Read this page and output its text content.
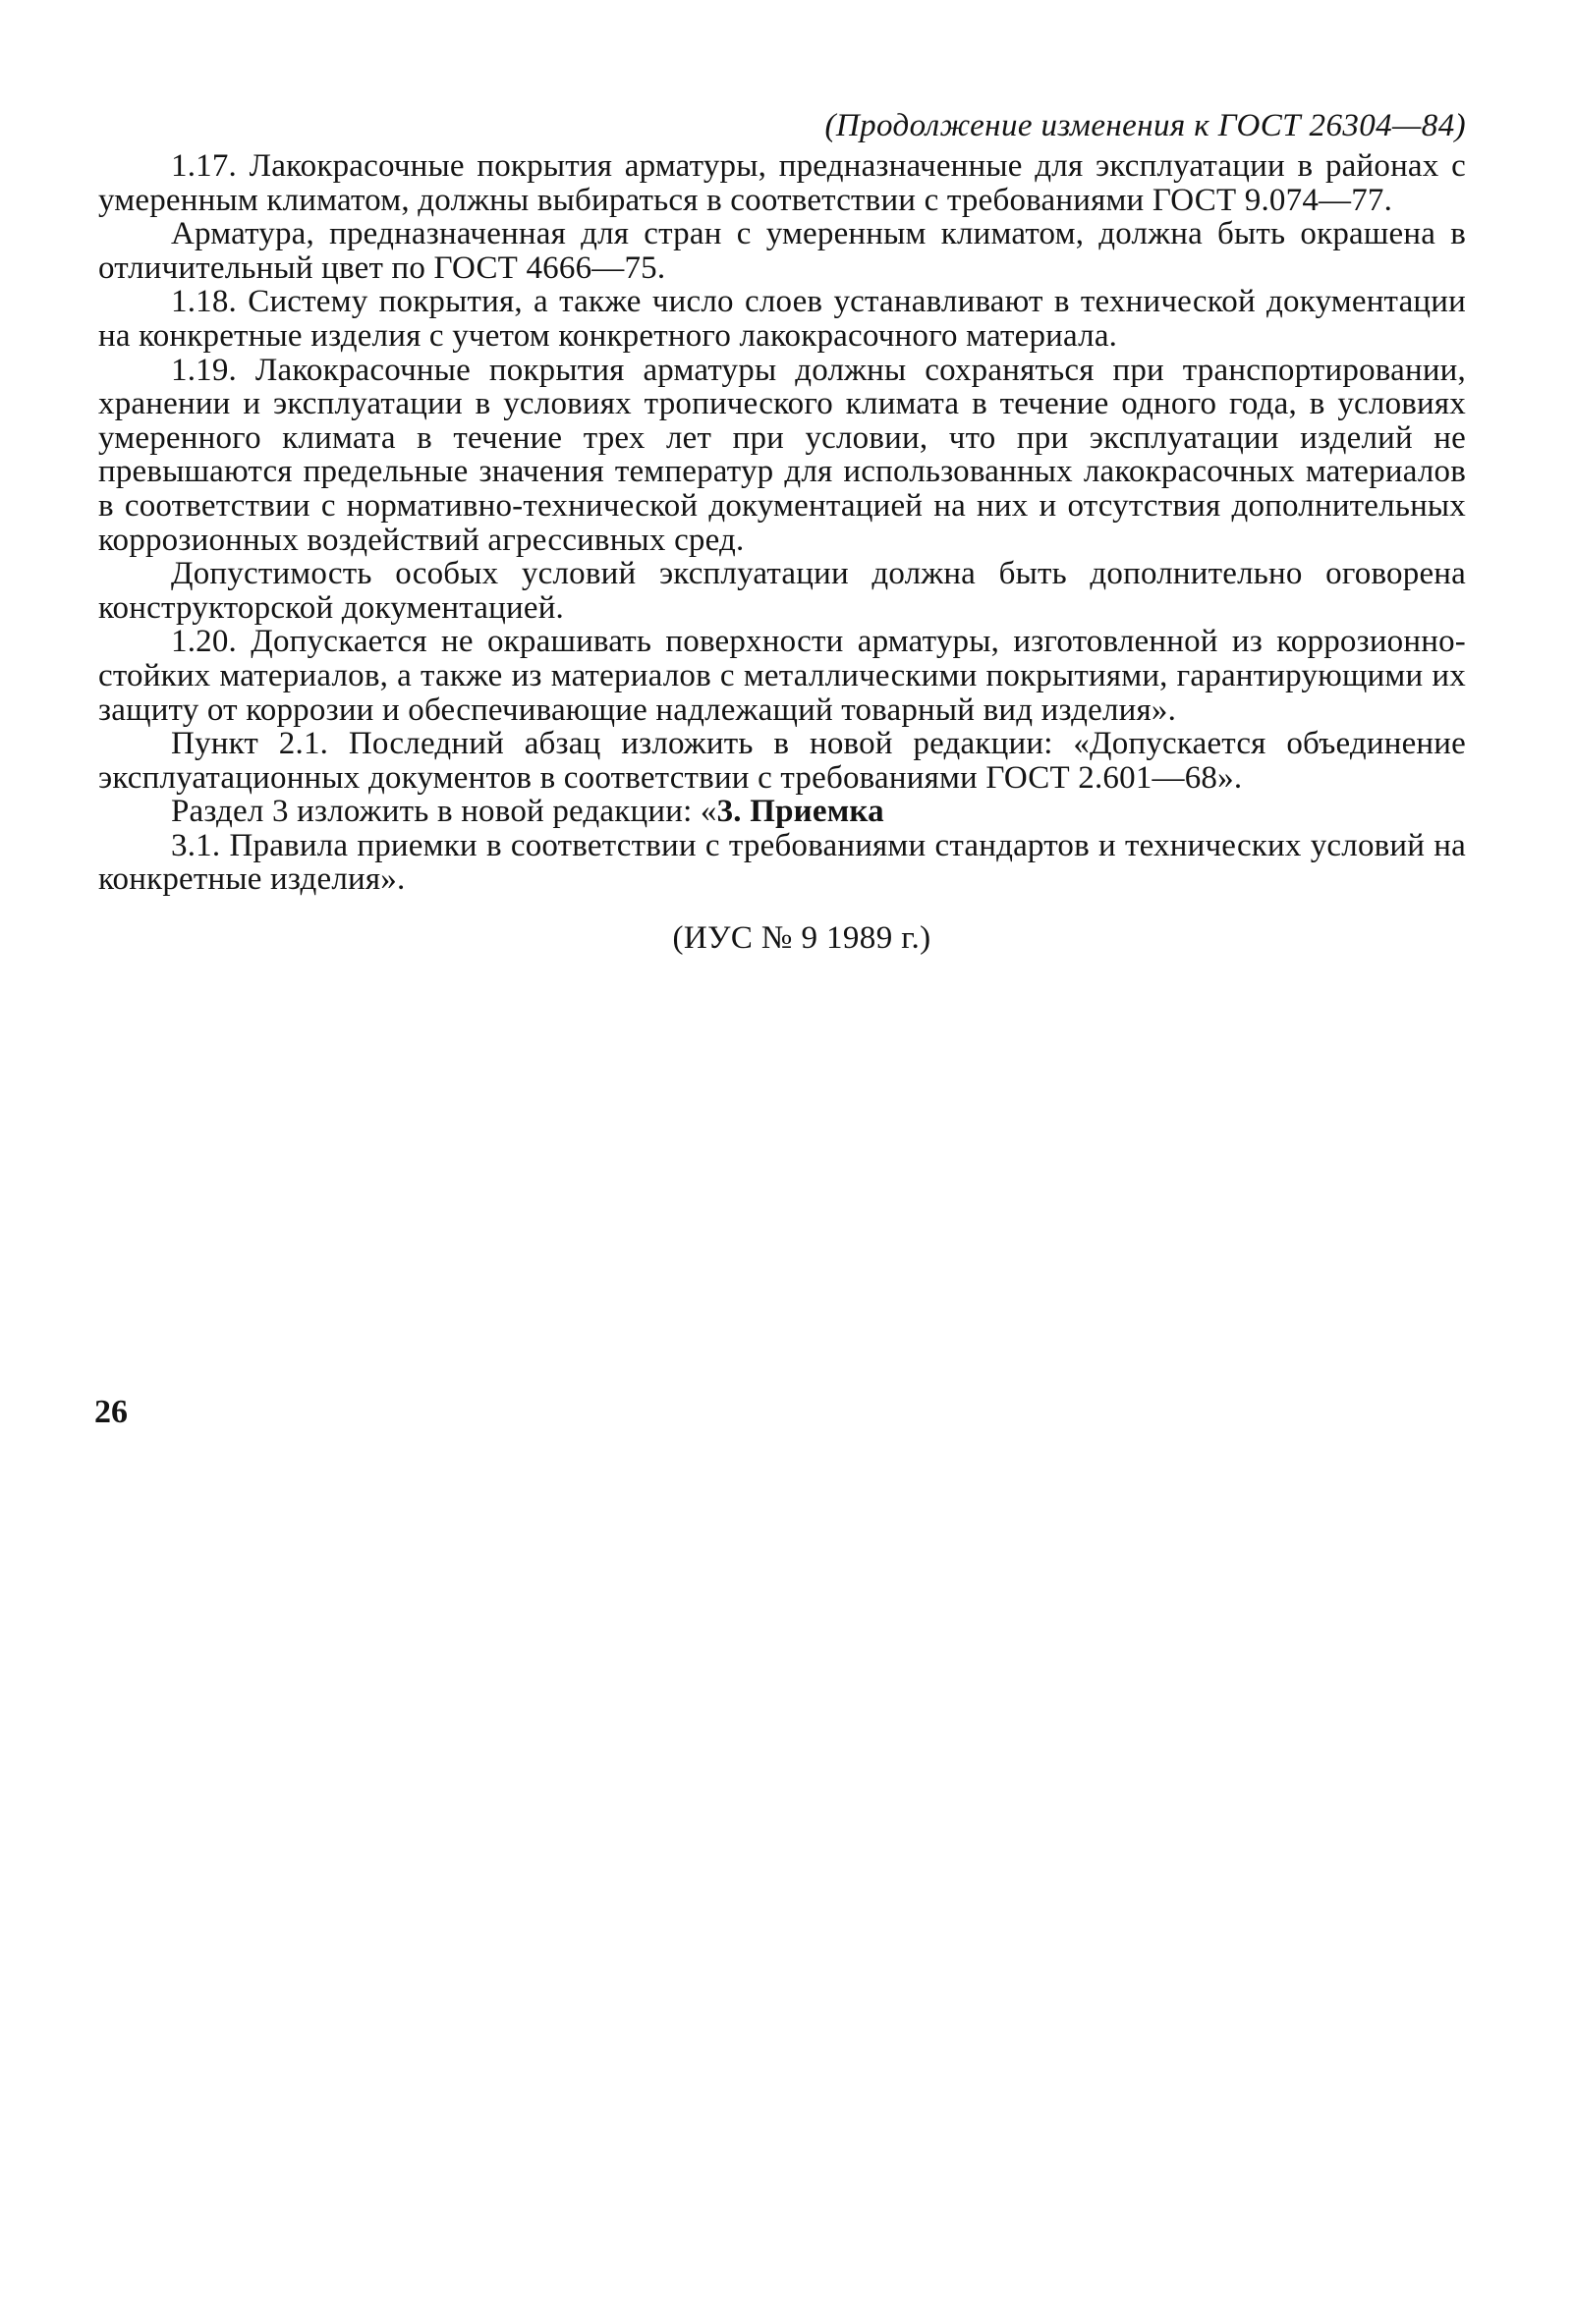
(Продолжение изменения к ГОСТ 26304—84)

1.17. Лакокрасочные покрытия арматуры, предназначенные для эксплуатации в районах с умеренным климатом, должны выбираться в соответствии с требованиями ГОСТ 9.074—77.

Арматура, предназначенная для стран с умеренным климатом, должна быть окрашена в отличительный цвет по ГОСТ 4666—75.

1.18. Систему покрытия, а также число слоев устанавливают в технической документации на конкретные изделия с учетом конкретного лакокрасочного материала.

1.19. Лакокрасочные покрытия арматуры должны сохраняться при транспортировании, хранении и эксплуатации в условиях тропического климата в течение одного года, в условиях умеренного климата в течение трех лет при условии, что при эксплуатации изделий не превышаются предельные значения температур для использованных лакокрасочных материалов в соответствии с нормативно-технической документацией на них и отсутствия дополнительных коррозионных воздействий агрессивных сред.

Допустимость особых условий эксплуатации должна быть дополнительно оговорена конструкторской документацией.

1.20. Допускается не окрашивать поверхности арматуры, изготовленной из коррозионно-стойких материалов, а также из материалов с металлическими покрытиями, гарантирующими их защиту от коррозии и обеспечивающие надлежащий товарный вид изделия».

Пункт 2.1. Последний абзац изложить в новой редакции: «Допускается объединение эксплуатационных документов в соответствии с требованиями ГОСТ 2.601—68».

Раздел 3 изложить в новой редакции: «3. Приемка

3.1. Правила приемки в соответствии с требованиями стандартов и технических условий на конкретные изделия».

(ИУС № 9 1989 г.)
26
